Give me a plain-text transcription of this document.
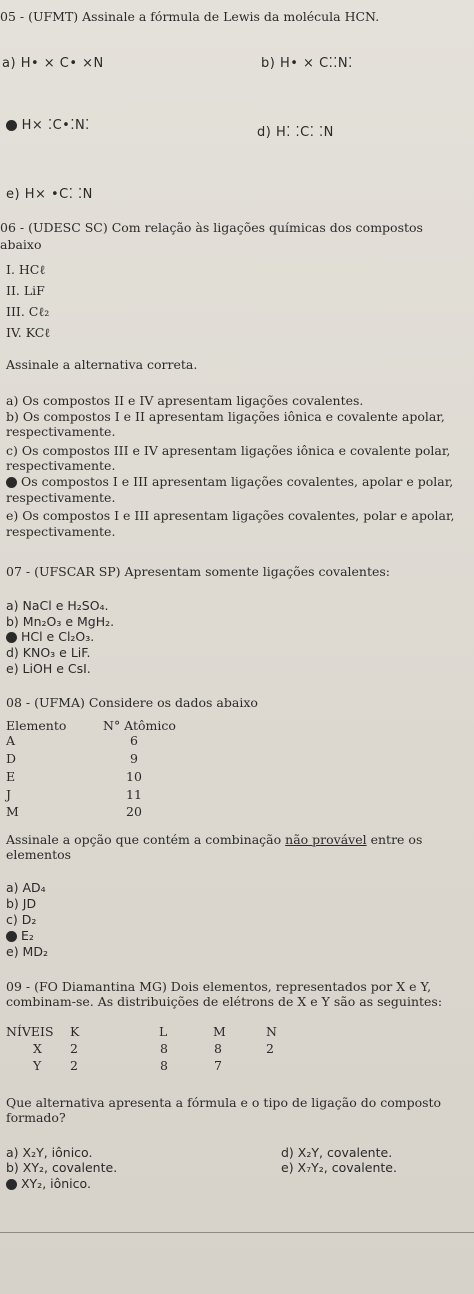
05 - (UFMT) Assinale a fórmula de Lewis da molécula HCN.
a) H• × C• ×N	b) H• × C⁚⁚N⁚
H× ⁚C•⁚N⁚	d) H⁚ ⁚C⁚ ⁚N
e) H× •C⁚ ⁚N
06 - (UDESC SC) Com relação às ligações químicas dos compostos
abaixo
I. HCℓ
II. LiF
III. Cℓ₂
IV. KCℓ
Assinale a alternativa correta.
a) Os compostos II e IV apresentam ligações covalentes.
b) Os compostos I e II apresentam ligações iônica e covalente apolar,
respectivamente.
c) Os compostos III e IV apresentam ligações iônica e covalente polar,
respectivamente.
Os compostos I e III apresentam ligações covalentes, apolar e polar,
respectivamente.
e) Os compostos I e III apresentam ligações covalentes, polar e apolar,
respectivamente.
07 - (UFSCAR SP) Apresentam somente ligações covalentes:
a) NaCl e H₂SO₄.
b) Mn₂O₃ e MgH₂.
HCl e Cl₂O₃.
d) KNO₃ e LiF.
e) LiOH e CsI.
08 - (UFMA) Considere os dados abaixo
Elemento	N° Atômico
A	6
D	9
E	10
J	11
M	20
Assinale a opção que contém a combinação não provável entre os
elementos
a) AD₄
b) JD
c) D₂
E₂
e) MD₂
09 - (FO Diamantina MG) Dois elementos, representados por X e Y,
combinam-se. As distribuições de elétrons de X e Y são as seguintes:
NÍVEIS K	L	M	N
X 2	8	8	2
Y 2	8	7
Que alternativa apresenta a fórmula e o tipo de ligação do composto
formado?
a) X₂Y, iônico.
b) XY₂, covalente.
XY₂, iônico.
d) X₂Y, covalente.
e) X₇Y₂, covalente.
